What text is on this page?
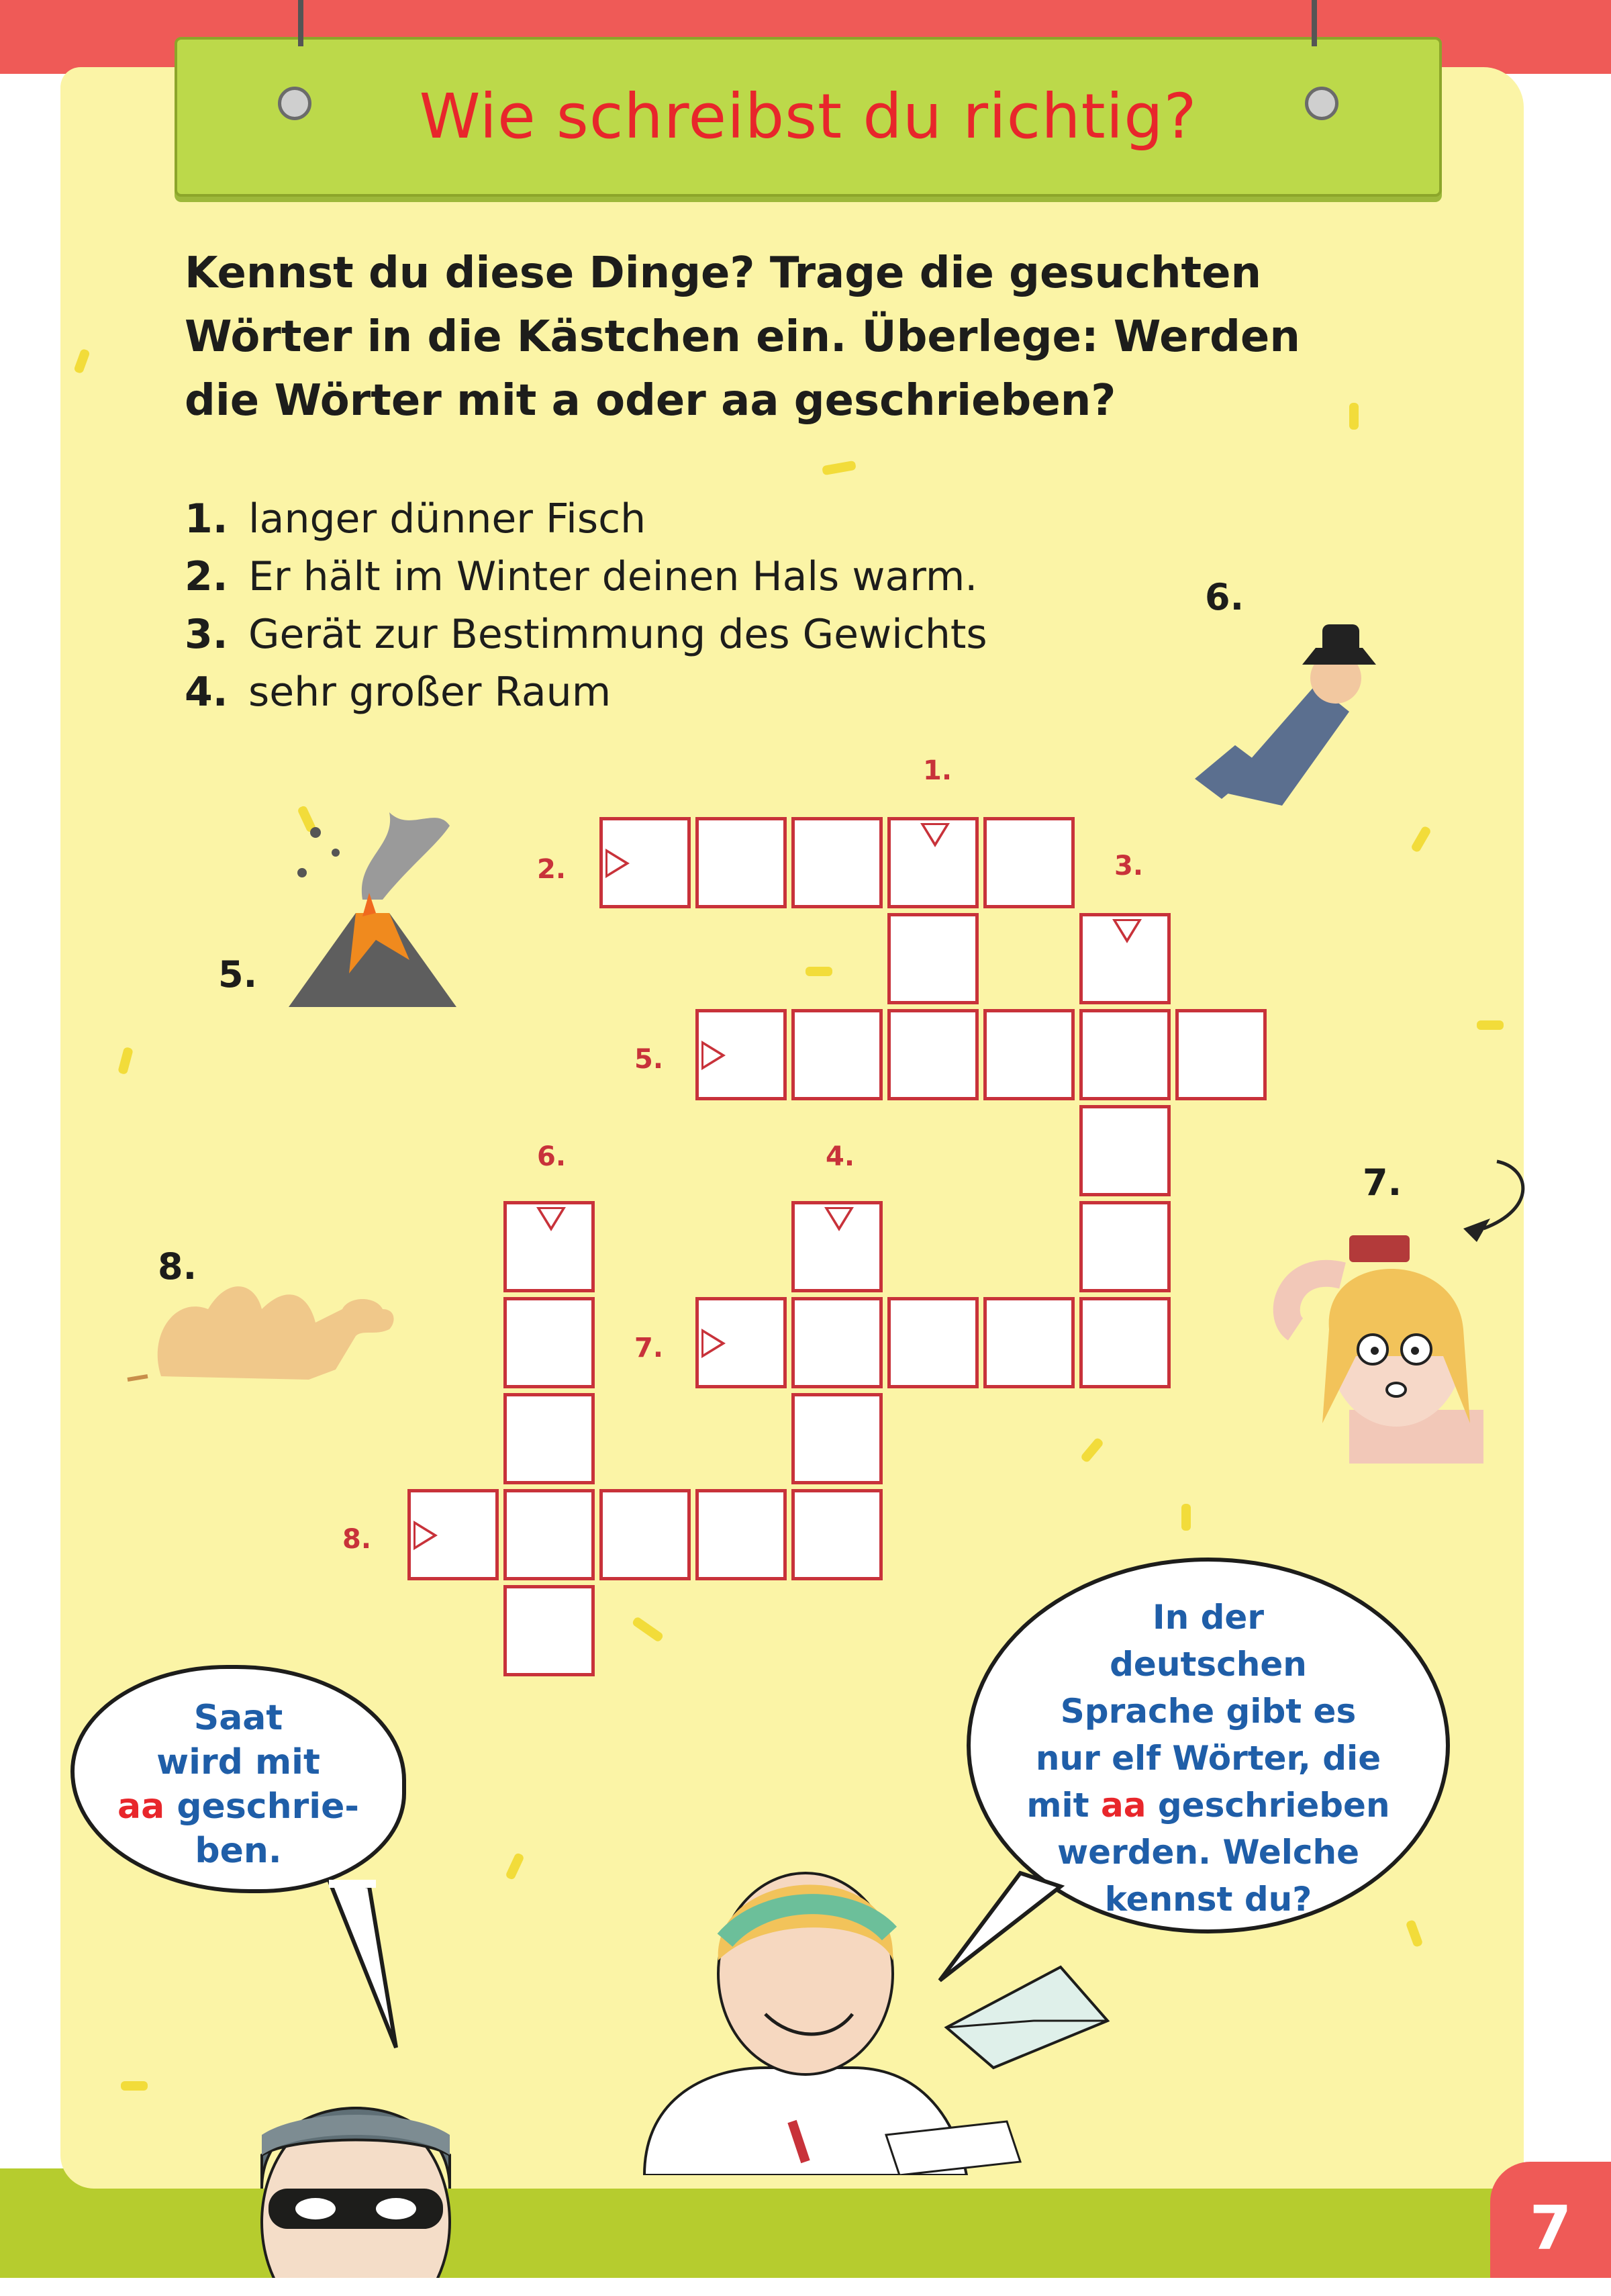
Wie schreibst du richtig?
Kennst du diese Dinge? Trage die gesuchten Wörter in die Kästchen ein. Überlege: Werden die Wörter mit a oder aa geschrieben?
1. langer dünner Fisch
2. Er hält im Winter deinen Hals warm.
3. Gerät zur Bestimmung des Gewichts
4. sehr großer Raum
6.
5.
7.
8.
1.
2.	3.
5.
6.	4.
7.
8.
Saat
wird mit
aa geschrie-
ben.
In der
deutschen
Sprache gibt es
nur elf Wörter, die
mit aa geschrieben
werden. Welche
kennst du?
7
